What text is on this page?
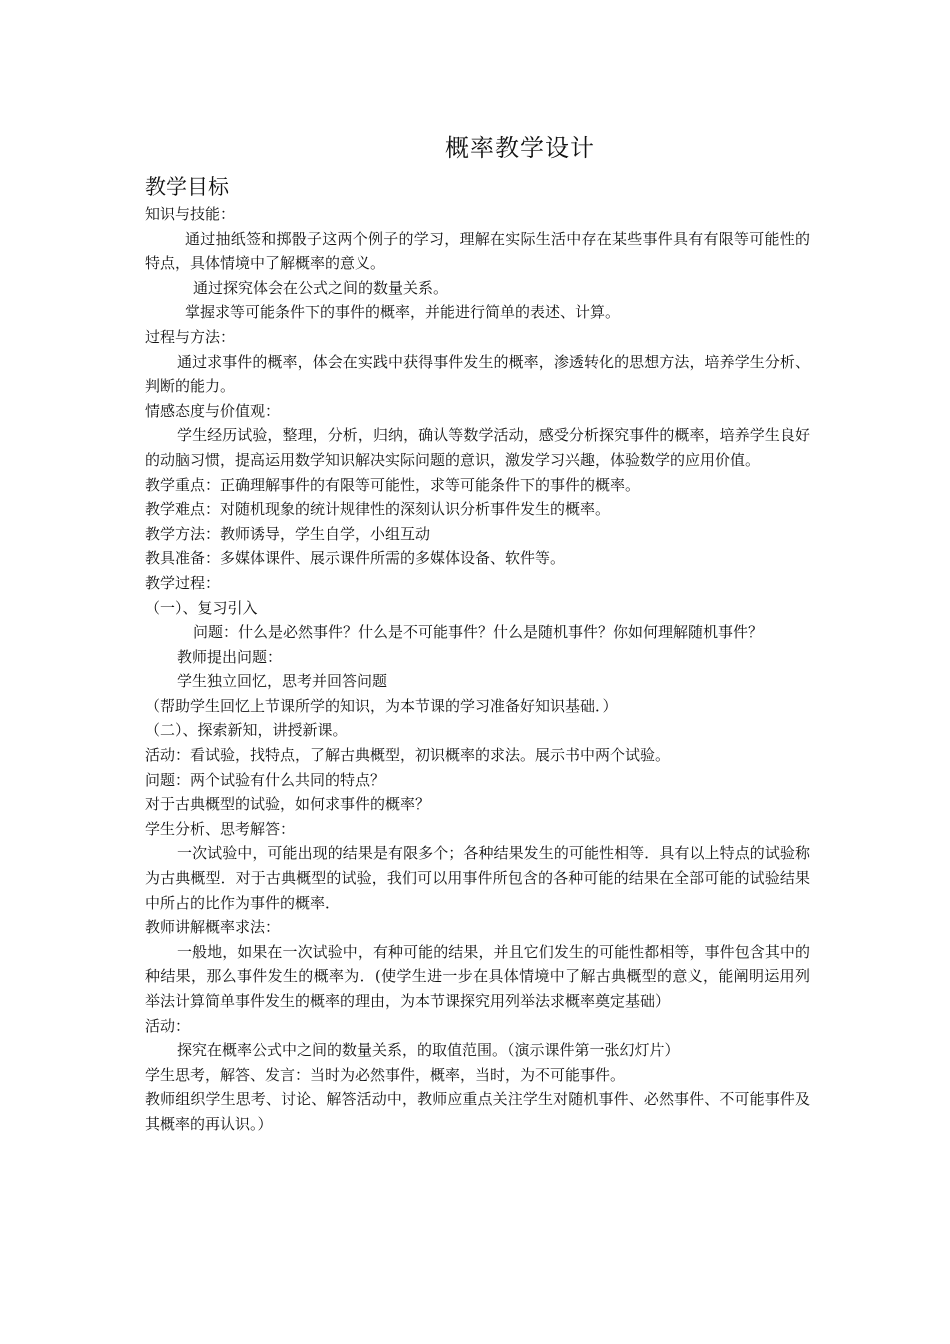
概率教学设计
教学目标

知识与技能：

通过抽纸签和掷骰子这两个例子的学习，理解在实际生活中存在某些事件具有有限等可能性的特点，具体情境中了解概率的意义。

通过探究体会在公式之间的数量关系。

掌握求等可能条件下的事件的概率，并能进行简单的表述、计算。

过程与方法：

通过求事件的概率，体会在实践中获得事件发生的概率，渗透转化的思想方法，培养学生分析、判断的能力。

情感态度与价值观：

学生经历试验，整理，分析，归纳，确认等数学活动，感受分析探究事件的概率，培养学生良好的动脑习惯，提高运用数学知识解决实际问题的意识，激发学习兴趣，体验数学的应用价值。

教学重点：正确理解事件的有限等可能性，求等可能条件下的事件的概率。

教学难点：对随机现象的统计规律性的深刻认识分析事件发生的概率。

教学方法：教师诱导，学生自学，小组互动

教具准备：多媒体课件、展示课件所需的多媒体设备、软件等。

教学过程：

（一）、复习引入

问题：什么是必然事件？什么是不可能事件？什么是随机事件？你如何理解随机事件？

教师提出问题：

学生独立回忆，思考并回答问题

（帮助学生回忆上节课所学的知识，为本节课的学习准备好知识基础．）

（二）、探索新知，讲授新课。

活动：看试验，找特点，了解古典概型，初识概率的求法。展示书中两个试验。

问题：两个试验有什么共同的特点？

对于古典概型的试验，如何求事件的概率？

学生分析、思考解答：

一次试验中，可能出现的结果是有限多个；各种结果发生的可能性相等．具有以上特点的试验称为古典概型．对于古典概型的试验，我们可以用事件所包含的各种可能的结果在全部可能的试验结果中所占的比作为事件的概率．

教师讲解概率求法：

一般地，如果在一次试验中，有种可能的结果，并且它们发生的可能性都相等，事件包含其中的种结果，那么事件发生的概率为．(使学生进一步在具体情境中了解古典概型的意义，能阐明运用列举法计算简单事件发生的概率的理由，为本节课探究用列举法求概率奠定基础）

活动：

探究在概率公式中之间的数量关系，的取值范围。（演示课件第一张幻灯片）

学生思考，解答、发言：当时为必然事件，概率，当时，为不可能事件。

教师组织学生思考、讨论、解答活动中，教师应重点关注学生对随机事件、必然事件、不可能事件及其概率的再认识。）
